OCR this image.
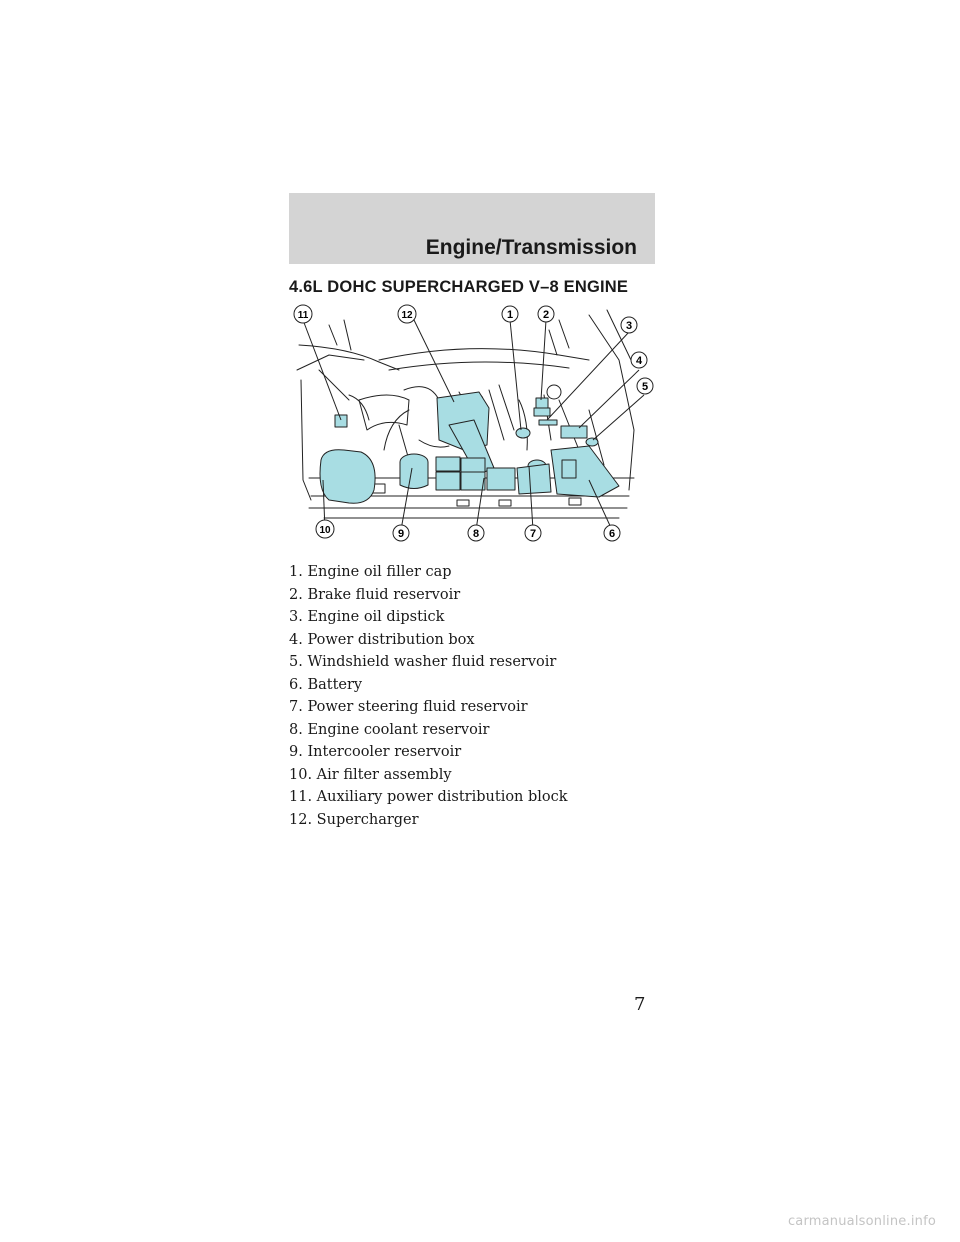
Engine/Transmission
4.6L DOHC SUPERCHARGED V–8 ENGINE
1	2
3
4
5
6
7
8
9
10
11	12
1. Engine oil filler cap
2. Brake fluid reservoir
3. Engine oil dipstick
4. Power distribution box
5. Windshield washer fluid reservoir
6. Battery
7. Power steering fluid reservoir
8. Engine coolant reservoir
9. Intercooler reservoir
10. Air filter assembly
11. Auxiliary power distribution block
12. Supercharger
7
carmanualsonline.info
